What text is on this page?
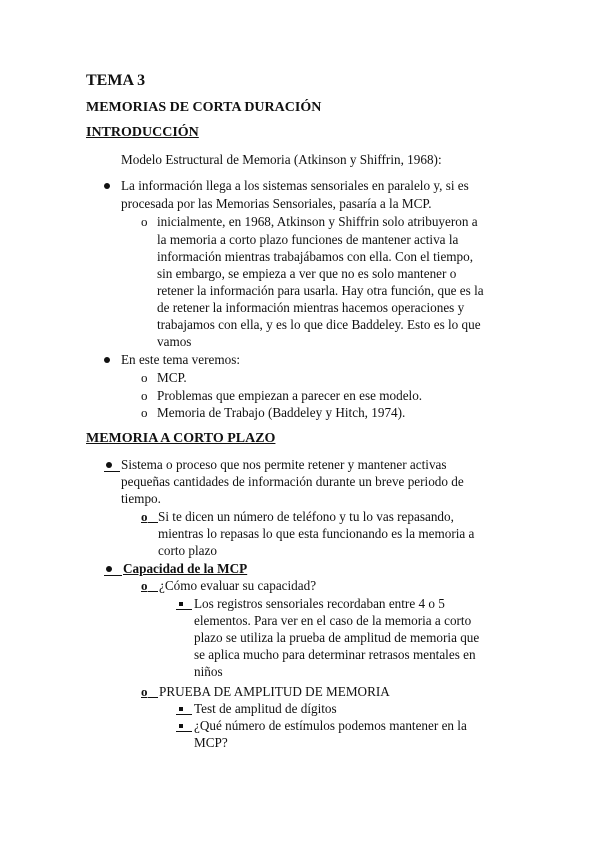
TEMA 3
MEMORIAS DE CORTA DURACIÓN
INTRODUCCIÓN
Modelo Estructural de Memoria (Atkinson y Shiffrin, 1968):
La información llega a los sistemas sensoriales en paralelo y, si es
procesada por las Memorias Sensoriales, pasaría a la MCP.
o inicialmente, en 1968, Atkinson y Shiffrin solo atribuyeron a
la memoria a corto plazo funciones de mantener activa la
información mientras trabajábamos con ella. Con el tiempo,
sin embargo, se empieza a ver que no es solo mantener o
retener la información para usarla. Hay otra función, que es la
de retener la información mientras hacemos operaciones y
trabajamos con ella, y es lo que dice Baddeley. Esto es lo que
vamos
En este tema veremos:
o MCP.
o Problemas que empiezan a parecer en ese modelo.
o Memoria de Trabajo (Baddeley y Hitch, 1974).
MEMORIA A CORTO PLAZO
Sistema o proceso que nos permite retener y mantener activas
pequeñas cantidades de información durante un breve periodo de
tiempo.
o Si te dicen un número de teléfono y tu lo vas repasando,
mientras lo repasas lo que esta funcionando es la memoria a
corto plazo
Capacidad de la MCP
o ¿Cómo evaluar su capacidad?
Los registros sensoriales recordaban entre 4 o 5
elementos. Para ver en el caso de la memoria a corto
plazo se utiliza la prueba de amplitud de memoria que
se aplica mucho para determinar retrasos mentales en
niños
o PRUEBA DE AMPLITUD DE MEMORIA
Test de amplitud de dígitos
¿Qué número de estímulos podemos mantener en la
MCP?
